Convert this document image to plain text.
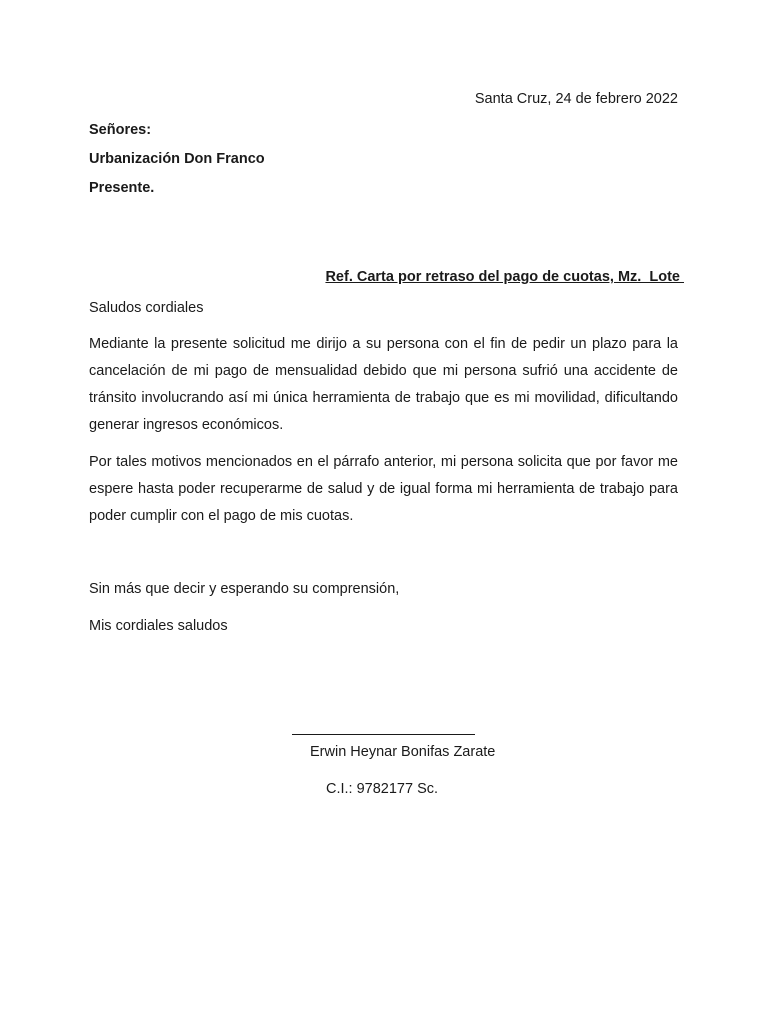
Santa Cruz, 24 de febrero 2022
Señores:
Urbanización Don Franco
Presente.
Ref. Carta por retraso del pago de cuotas, Mz.  Lote
Saludos cordiales
Mediante la presente solicitud me dirijo a su persona con el fin de pedir un plazo para la cancelación de mi pago de mensualidad debido que mi persona sufrió una accidente de tránsito involucrando así mi única herramienta de trabajo que es mi movilidad, dificultando generar ingresos económicos.
Por tales motivos mencionados en el párrafo anterior, mi persona solicita que por favor me espere hasta poder recuperarme de salud y de igual forma mi herramienta de trabajo para poder cumplir con el pago de mis cuotas.
Sin más que decir y esperando su comprensión,
Mis cordiales saludos
Erwin Heynar Bonifas Zarate
C.I.: 9782177 Sc.
